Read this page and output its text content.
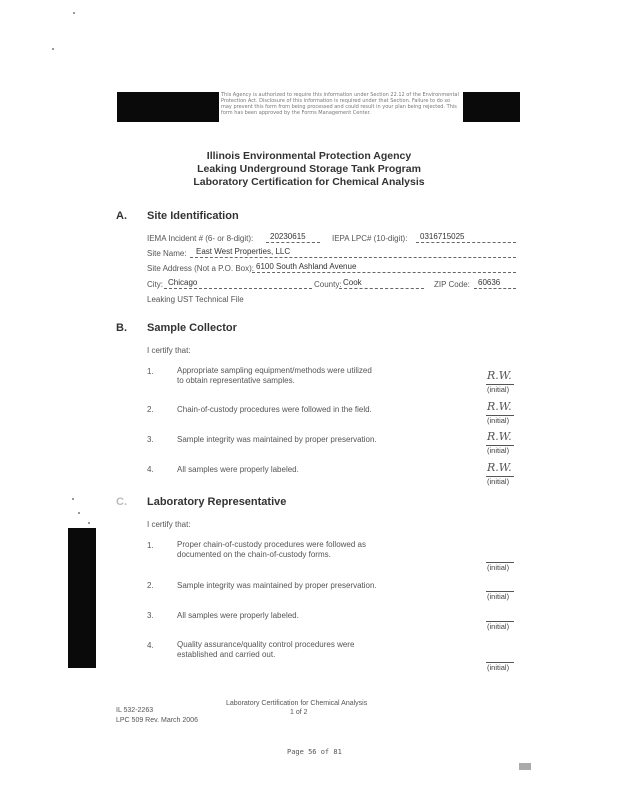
This Agency is authorized to require this information under Section 22.12 of the Environmental Protection Act. Disclosure of this information is required under that Section. Failure to do so may prevent this form from being processed and could result in your plan being rejected. This form has been approved by the Forms Management Center.
Illinois Environmental Protection Agency
Leaking Underground Storage Tank Program
Laboratory Certification for Chemical Analysis
A. Site Identification
IEMA Incident # (6- or 8-digit): 20230615	IEPA LPC# (10-digit): 0316715025
Site Name: East West Properties, LLC
Site Address (Not a P.O. Box): 6100 South Ashland Avenue
City: Chicago	County: Cook	ZIP Code: 60636
Leaking UST Technical File
B. Sample Collector
I certify that:
1.	Appropriate sampling equipment/methods were utilized
to obtain representative samples.	R.W.
(initial)
2.	Chain-of-custody procedures were followed in the field.	R.W.
(initial)
3.	Sample integrity was maintained by proper preservation.	R.W.
(initial)
4.	All samples were properly labeled.	R.W.
(initial)
C. Laboratory Representative
I certify that:
1.	Proper chain-of-custody procedures were followed as
documented on the chain-of-custody forms.
(initial)
2.	Sample integrity was maintained by proper preservation.
(initial)
3.	All samples were properly labeled.
(initial)
4.	Quality assurance/quality control procedures were
established and carried out.
(initial)
IL 532-2263
LPC 509 Rev. March 2006
Laboratory Certification for Chemical Analysis
1 of 2
Page 56 of 81
